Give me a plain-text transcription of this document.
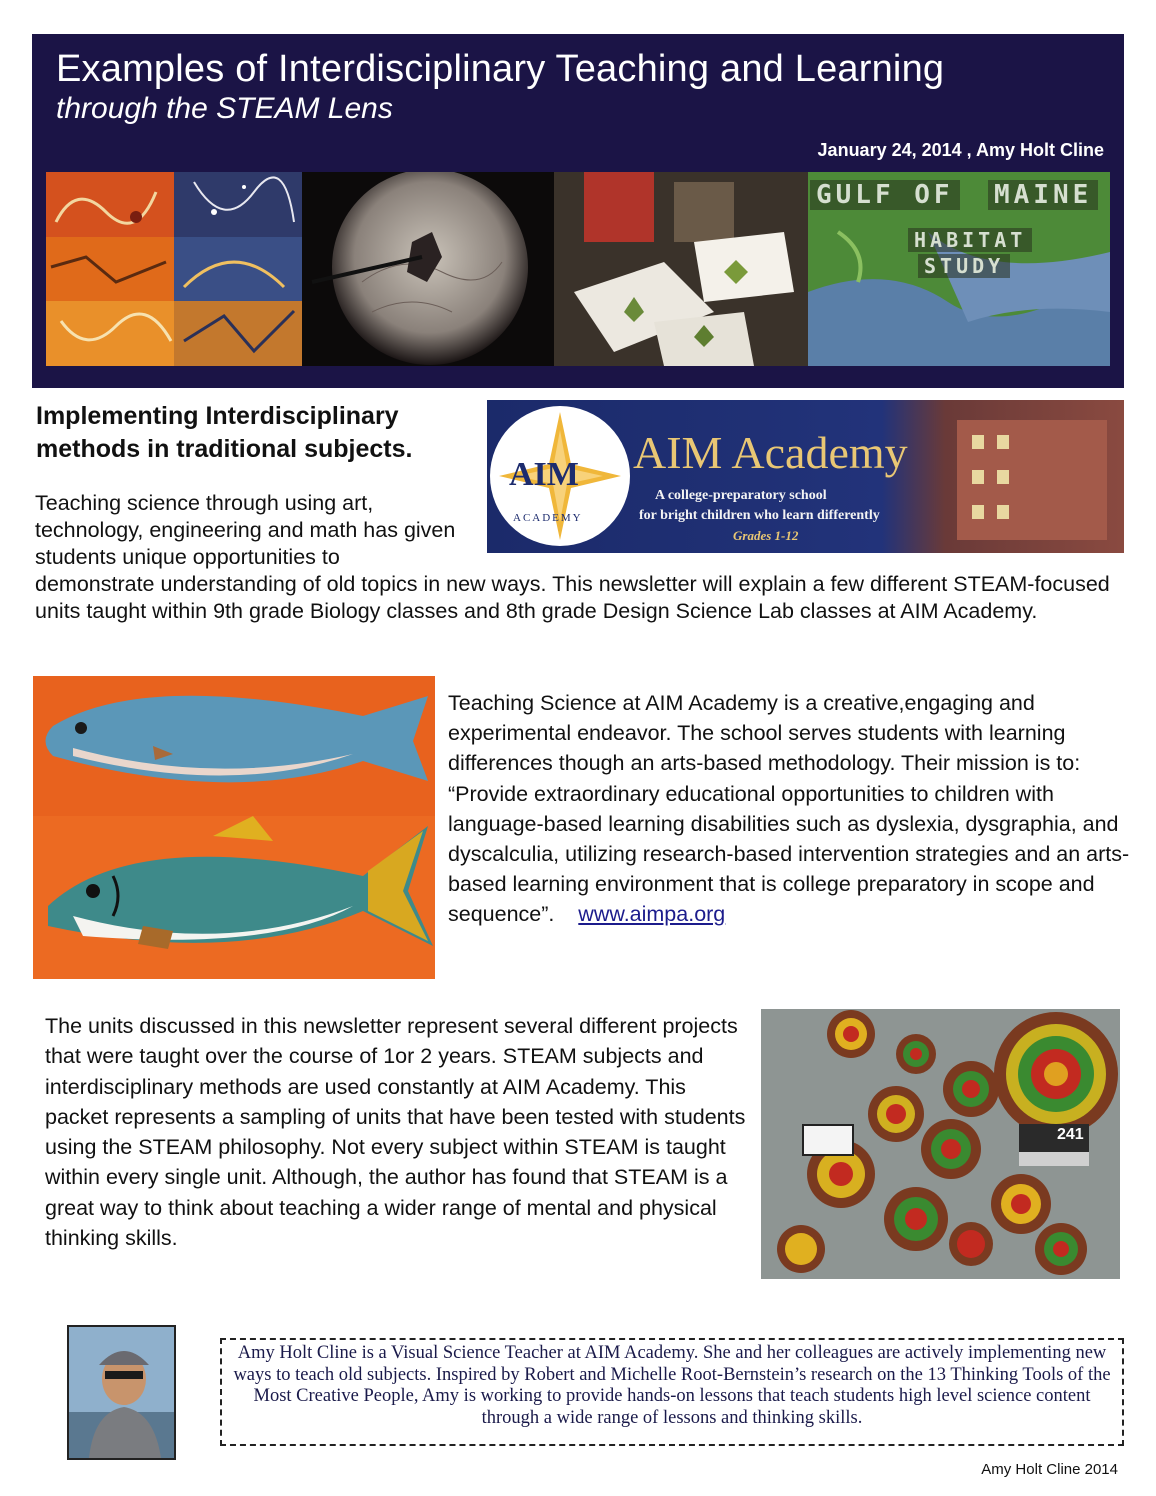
Examples of Interdisciplinary Teaching and Learning
through the STEAM Lens
January 24, 2014 , Amy Holt Cline
GULF OF MAINE
HABITAT
STUDY
Implementing Interdisciplinary methods in traditional subjects.
AIM
ACADEMY
AIM Academy
A college-preparatory school
for bright children who learn differently
Grades 1-12
Teaching science through using art, technology, engineering and math has given students unique opportunities to
demonstrate understanding of old topics in new ways. This newsletter will explain a few different STEAM-focused units taught within 9th grade Biology classes and 8th grade Design Science Lab classes at AIM Academy.
Teaching Science at AIM Academy is a creative,engaging and experimental endeavor. The school serves students with learning differences though an arts-based methodology. Their mission is to: “Provide extraordinary educational opportunities to children with language-based learning disabilities such as dyslexia, dysgraphia, and dyscalculia, utilizing research-based intervention strategies and an arts-based learning environment that is college preparatory in scope and sequence”. www.aimpa.org
The units discussed in this newsletter represent several different projects that were taught over the course of 1or 2 years. STEAM subjects and interdisciplinary methods are used constantly at AIM Academy. This packet represents a sampling of units that have been tested with students using the STEAM philosophy. Not every subject within STEAM is taught within every single unit. Although, the author has found that STEAM is a great way to think about teaching a wider range of mental and physical thinking skills.
241
Amy Holt Cline is a Visual Science Teacher at AIM Academy. She and her colleagues are actively implementing new ways to teach old subjects. Inspired by Robert and Michelle Root-Bernstein’s research on the 13 Thinking Tools of the Most Creative People, Amy is working to provide hands-on lessons that teach students high level science content through a wide range of lessons and thinking skills.
Amy Holt Cline 2014
